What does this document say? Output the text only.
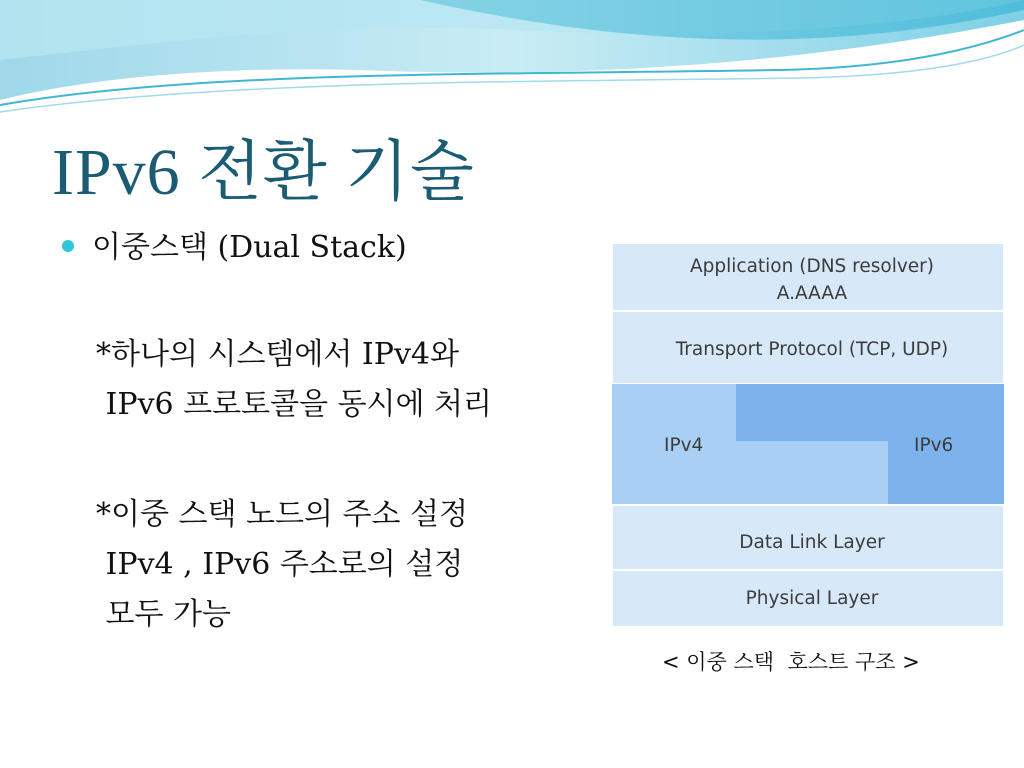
IPv6 전환 기술
이중스택 (Dual Stack)
*하나의 시스템에서 IPv4와
IPv6 프로토콜을 동시에 처리
*이중 스택 노드의 주소 설정
IPv4 , IPv6 주소로의 설정
모두 가능
Application (DNS resolver)
A.AAAA
Transport Protocol (TCP, UDP)
IPv4	IPv6
Data Link Layer
Physical Layer
< 이중 스택  호스트 구조 >
